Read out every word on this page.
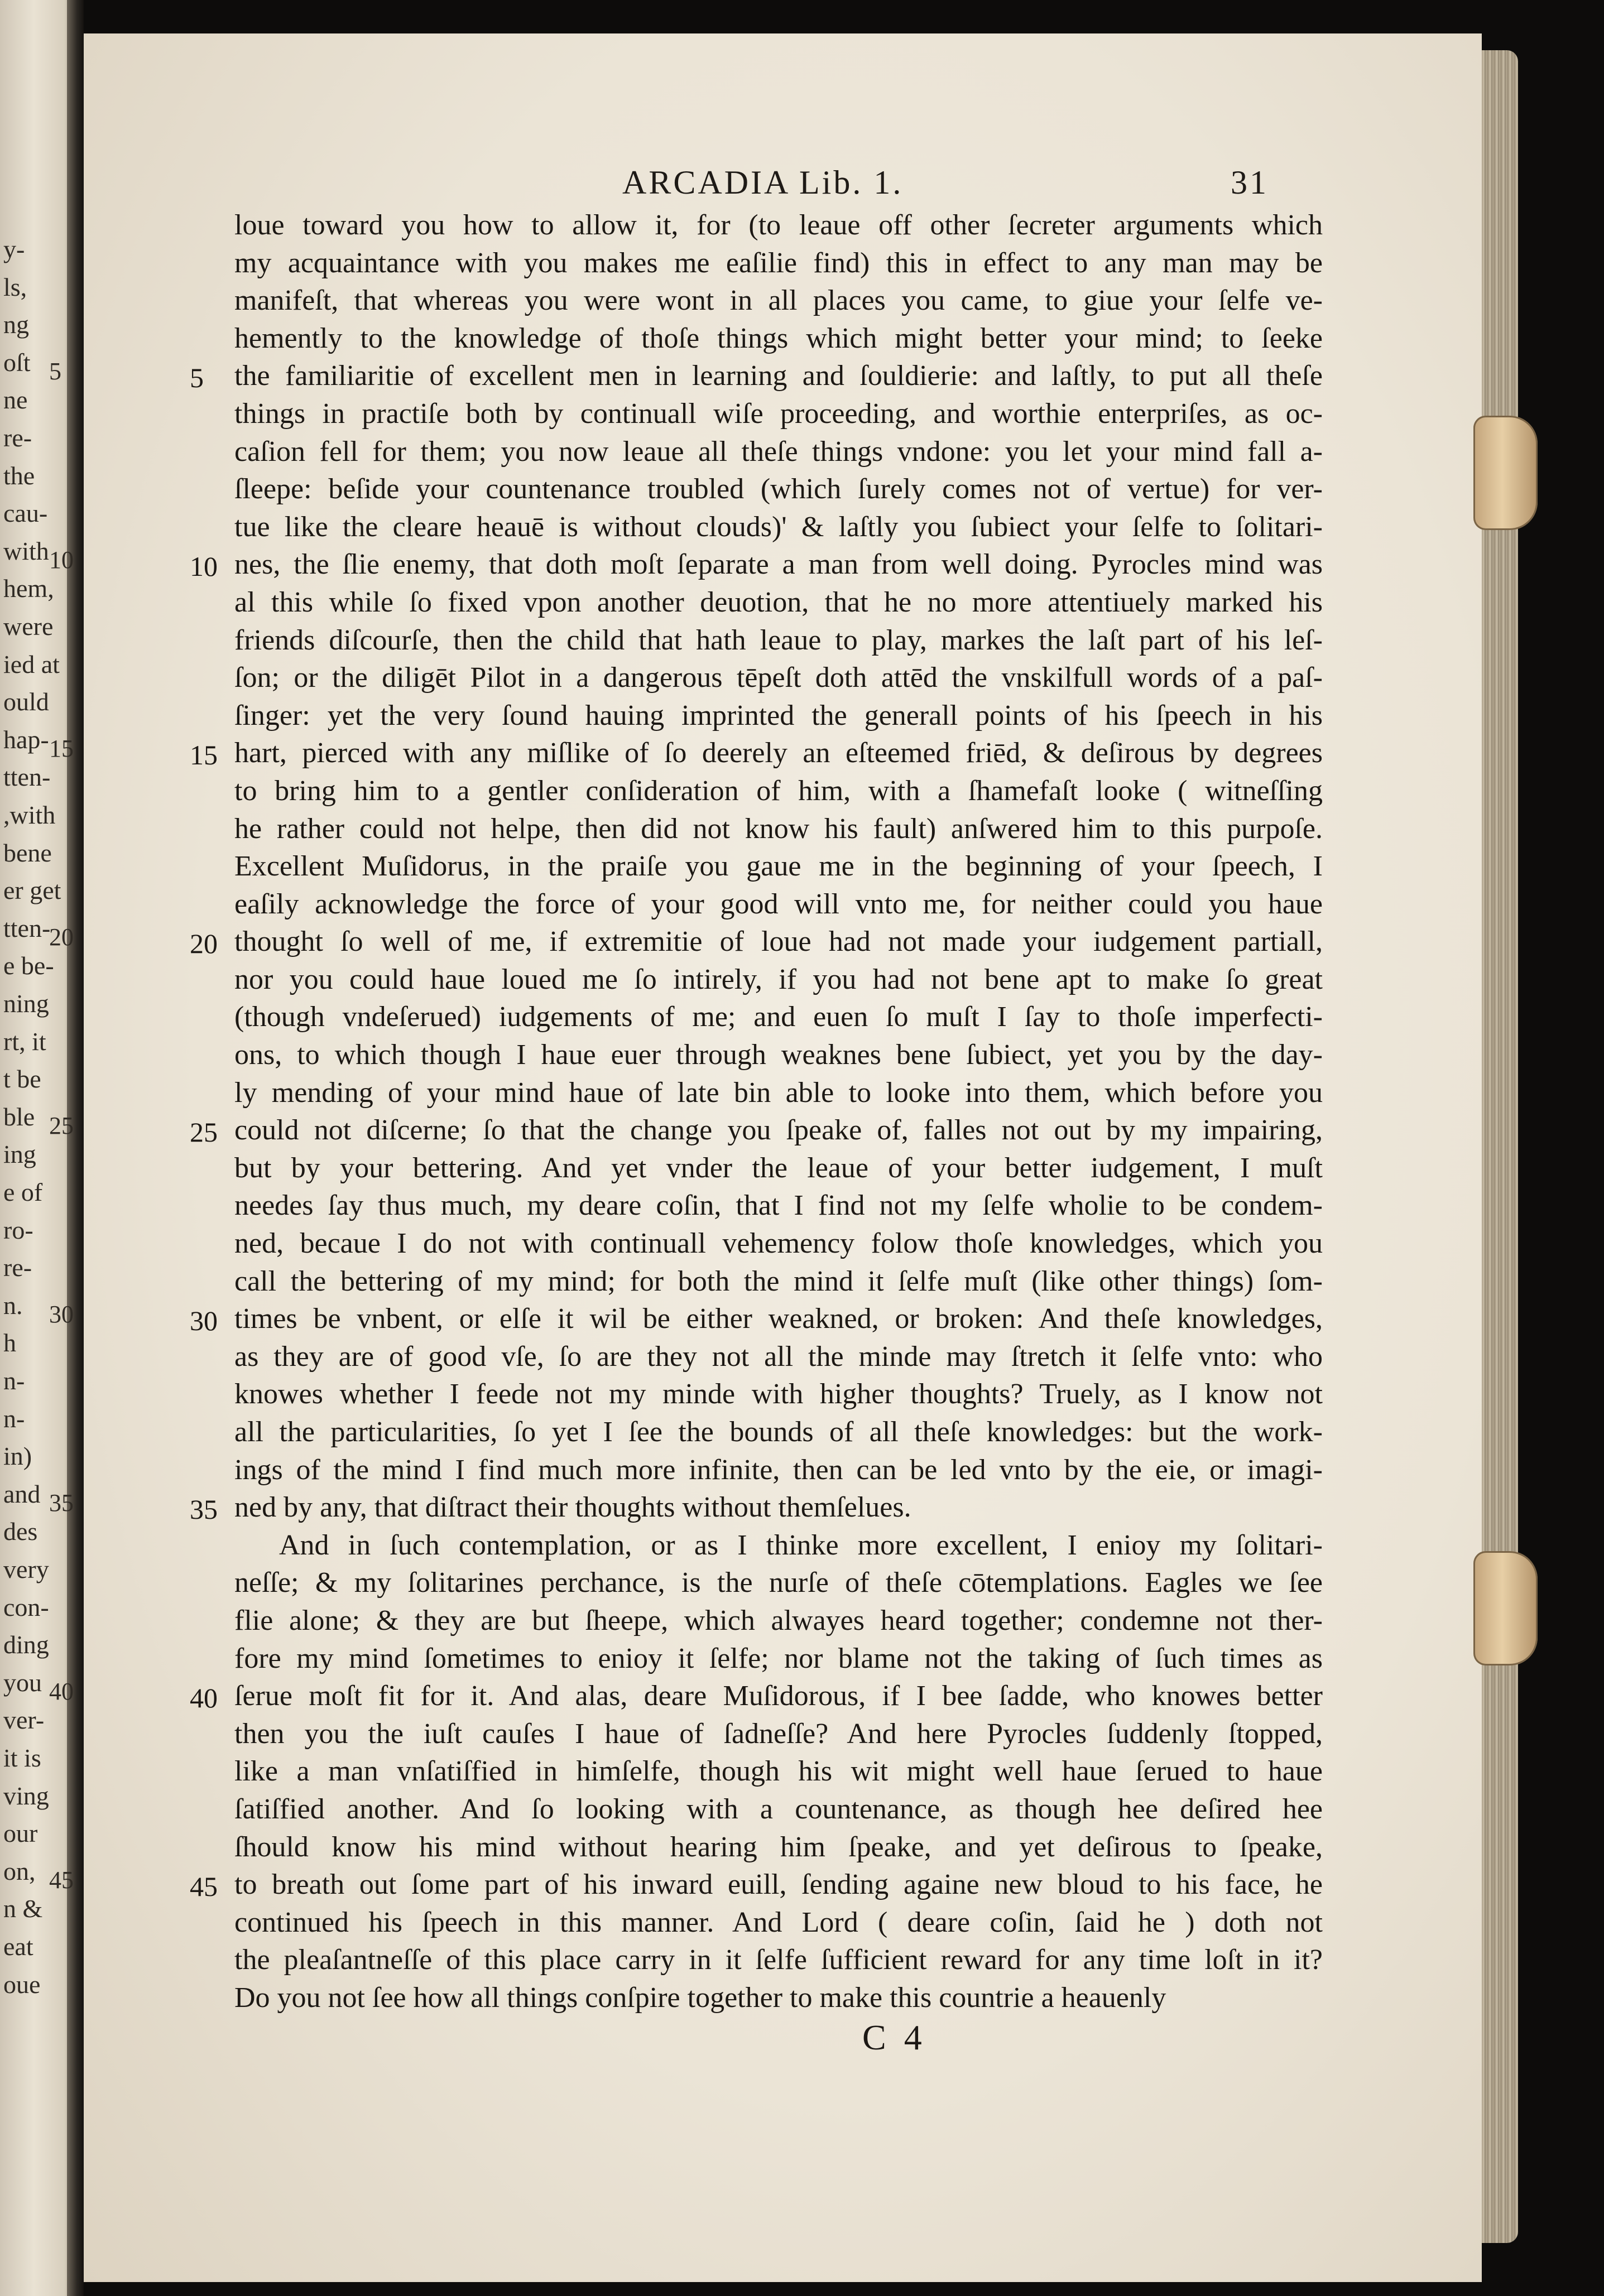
ARCADIA Lib. 1.	31
loue toward you how to allow it, for (to leaue off other ſecreter arguments which
my acquaintance with you makes me eaſilie find) this in effect to any man may be
manifeſt, that whereas you were wont in all places you came, to giue your ſelfe ve-
hemently to the knowledge of thoſe things which might better your mind; to ſeeke
the familiaritie of excellent men in learning and ſouldierie: and laſtly, to put all theſe
things in practiſe both by continuall wiſe proceeding, and worthie enterpriſes, as oc-
caſion fell for them; you now leaue all theſe things vndone: you let your mind fall a-
ſleepe: beſide your countenance troubled (which ſurely comes not of vertue) for ver-
tue like the cleare heauē is without clouds)' & laſtly you ſubiect your ſelfe to ſolitari-
nes, the ſlie enemy, that doth moſt ſeparate a man from well doing. Pyrocles mind was
al this while ſo fixed vpon another deuotion, that he no more attentiuely marked his
friends diſcourſe, then the child that hath leaue to play, markes the laſt part of his leſ-
ſon; or the diligēt Pilot in a dangerous tēpeſt doth attēd the vnskilfull words of a paſ-
ſinger: yet the very ſound hauing imprinted the generall points of his ſpeech in his
hart, pierced with any miſlike of ſo deerely an eſteemed friēd, & deſirous by degrees
to bring him to a gentler conſideration of him, with a ſhamefaſt looke ( witneſſing
he rather could not helpe, then did not know his fault) anſwered him to this purpoſe.
Excellent Muſidorus, in the praiſe you gaue me in the beginning of your ſpeech, I
eaſily acknowledge the force of your good will vnto me, for neither could you haue
thought ſo well of me, if extremitie of loue had not made your iudgement partiall,
nor you could haue loued me ſo intirely, if you had not bene apt to make ſo great
(though vndeſerued) iudgements of me; and euen ſo muſt I ſay to thoſe imperfecti-
ons, to which though I haue euer through weaknes bene ſubiect, yet you by the day-
ly mending of your mind haue of late bin able to looke into them, which before you
could not diſcerne; ſo that the change you ſpeake of, falles not out by my impairing,
but by your bettering. And yet vnder the leaue of your better iudgement, I muſt
needes ſay thus much, my deare coſin, that I find not my ſelfe wholie to be condem-
ned, becaue I do not with continuall vehemency folow thoſe knowledges, which you
call the bettering of my mind; for both the mind it ſelfe muſt (like other things) ſom-
times be vnbent, or elſe it wil be either weakned, or broken: And theſe knowledges,
as they are of good vſe, ſo are they not all the minde may ſtretch it ſelfe vnto: who
knowes whether I feede not my minde with higher thoughts? Truely, as I know not
all the particularities, ſo yet I ſee the bounds of all theſe knowledges: but the work-
ings of the mind I find much more infinite, then can be led vnto by the eie, or imagi-
ned by any, that diſtract their thoughts without themſelues.
And in ſuch contemplation, or as I thinke more excellent, I enioy my ſolitari-
neſſe; & my ſolitarines perchance, is the nurſe of theſe cōtemplations. Eagles we ſee
flie alone; & they are but ſheepe, which alwayes heard together; condemne not ther-
fore my mind ſometimes to enioy it ſelfe; nor blame not the taking of ſuch times as
ſerue moſt fit for it. And alas, deare Muſidorous, if I bee ſadde, who knowes better
then you the iuſt cauſes I haue of ſadneſſe? And here Pyrocles ſuddenly ſtopped,
like a man vnſatiſfied in himſelfe, though his wit might well haue ſerued to haue
ſatiſfied another. And ſo looking with a countenance, as though hee deſired hee
ſhould know his mind without hearing him ſpeake, and yet deſirous to ſpeake,
to breath out ſome part of his inward euill, ſending againe new bloud to his face, he
continued his ſpeech in this manner. And Lord ( deare coſin, ſaid he ) doth not
the pleaſantneſſe of this place carry in it ſelfe ſufficient reward for any time loſt in it?
Do you not ſee how all things conſpire together to make this countrie a heauenly
5
10
15
20
25
30
35
40
45
y-
ls,
ng
oſt
ne
re-
the
cau-
with
hem,
were
ied at
ould
hap-
tten-
,with
bene
er get
tten-
e be-
ning
rt, it
t be
ble
ing
e of
ro-
re-
n.
h
n-
n-
in)
and
des
very
con-
ding
you
ver-
it is
ving
our
on,
n &
eat
oue
5
10
15
20
25
30
35
40
45
C 4
